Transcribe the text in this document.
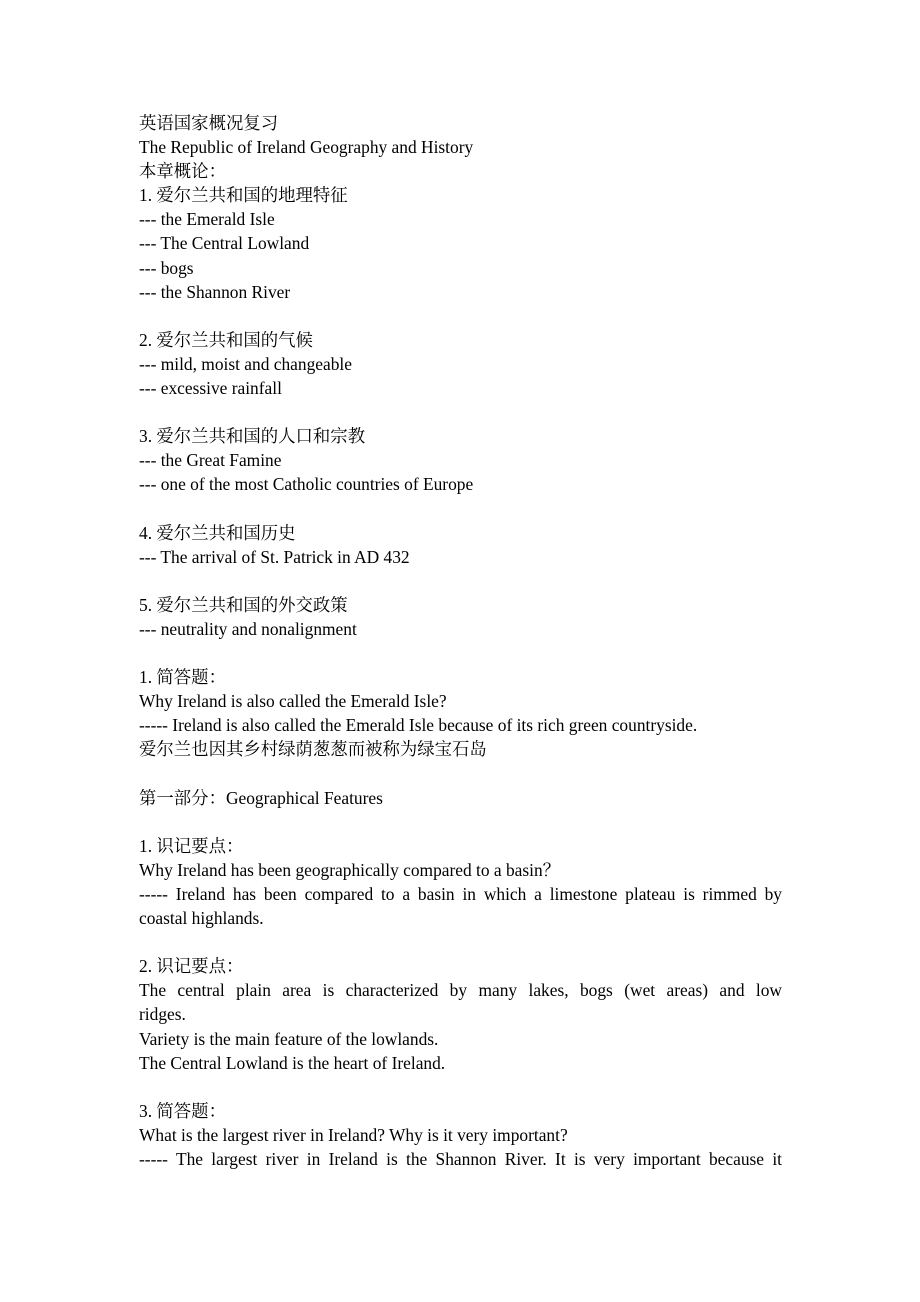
英语国家概况复习
The Republic of Ireland Geography and History
本章概论：
1. 爱尔兰共和国的地理特征
--- the Emerald Isle
--- The Central Lowland
--- bogs
--- the Shannon River
2. 爱尔兰共和国的气候
--- mild, moist and changeable
--- excessive rainfall
3. 爱尔兰共和国的人口和宗教
--- the Great Famine
--- one of the most Catholic countries of Europe
4. 爱尔兰共和国历史
--- The arrival of St. Patrick in AD 432
5. 爱尔兰共和国的外交政策
--- neutrality and nonalignment
1. 简答题：
Why Ireland is also called the Emerald Isle?
----- Ireland is also called the Emerald Isle because of its rich green countryside.
爱尔兰也因其乡村绿荫葱葱而被称为绿宝石岛
第一部分：Geographical Features
1. 识记要点：
Why Ireland has been geographically compared to a basin？
----- Ireland has been compared to a basin in which a limestone plateau is rimmed by
coastal highlands.
2. 识记要点：
The central plain area is characterized by many lakes, bogs (wet areas) and low
ridges.
Variety is the main feature of the lowlands.
The Central Lowland is the heart of Ireland.
3. 简答题：
What is the largest river in Ireland? Why is it very important?
----- The largest river in Ireland is the Shannon River. It is very important because it
